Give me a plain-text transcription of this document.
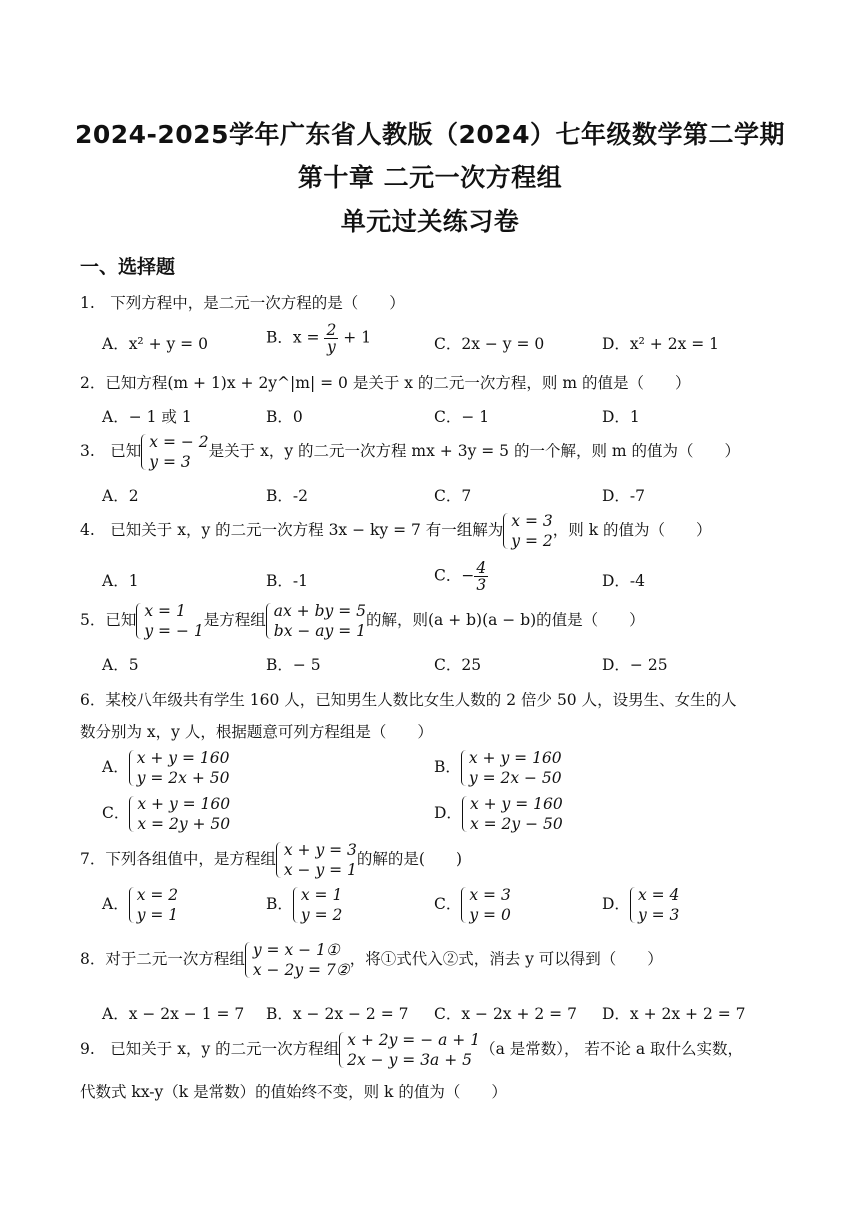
2024-2025学年广东省人教版（2024）七年级数学第二学期
第十章 二元一次方程组
单元过关练习卷
一、选择题
1.　下列方程中，是二元一次方程的是（　　）
A．x² + y = 0	B．$x = \frac{2}{y} + 1$	C．2x − y = 0	D．x² + 2x = 1
2．已知方程(m + 1)x + 2y^|m| = 0 是关于 x 的二元一次方程，则 m 的值是（　　）
A．− 1 或 1	B．0	C．− 1	D．1
3.　已知 x = − 2
y = 3
是关于 x，y 的二元一次方程 mx + 3y = 5 的一个解，则 m 的值为（　　）
A．2	B．-2	C．7	D．-7
4.　已知关于 x，y 的二元一次方程 3x − ky = 7 有一组解为 x = 3
y = 2
，则 k 的值为（　　）
A．1	B．-1	C．− $\frac{4}{3}$	D．-4
5．已知 x = 1
y = − 1
是方程组 ax + by = 5
bx − ay = 1
的解，则(a + b)(a − b)的值是（　　）
A．5	B．− 5	C．25	D．− 25
6．某校八年级共有学生 160 人，已知男生人数比女生人数的 2 倍少 50 人，设男生、女生的人
数分别为 x，y 人，根据题意可列方程组是（　　）
A． x + y = 160
y = 2x + 50
B． x + y = 160
y = 2x − 50
C． x + y = 160
x = 2y + 50
D． x + y = 160
x = 2y − 50
7．下列各组值中，是方程组 x + y = 3
x − y = 1
的解的是(　　)
A． x = 2
y = 1
B． x = 1
y = 2
C． x = 3
y = 0
D． x = 4
y = 3
8．对于二元一次方程组 y = x − 1①
x − 2y = 7②
，将①式代入②式，消去 y 可以得到（　　）
A．x − 2x − 1 = 7 B．x − 2x − 2 = 7 C．x − 2x + 2 = 7 D．x + 2x + 2 = 7
9.　已知关于 x，y 的二元一次方程组 x + 2y = − a + 1
2x − y = 3a + 5
（a 是常数）， 若不论 a 取什么实数，
代数式 kx-y（k 是常数）的值始终不变，则 k 的值为（　　）
